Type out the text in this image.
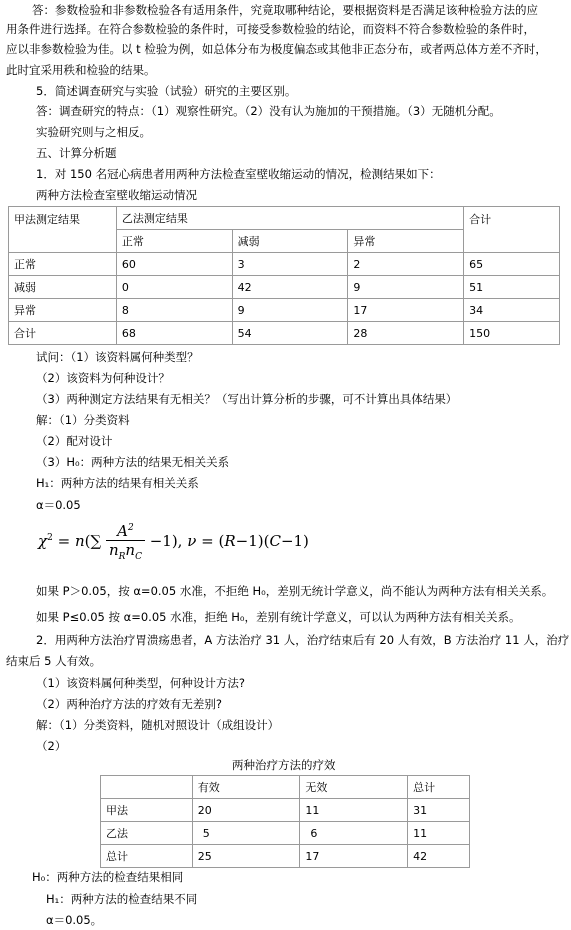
答：参数检验和非参数检验各有适用条件，究竟取哪种结论，要根据资料是否满足该种检验方法的应
用条件进行选择。在符合参数检验的条件时，可接受参数检验的结论，而资料不符合参数检验的条件时，
应以非参数检验为佳。以 t 检验为例，如总体分布为极度偏态或其他非正态分布，或者两总体方差不齐时，
此时宜采用秩和检验的结果。
5．简述调查研究与实验（试验）研究的主要区别。
答：调查研究的特点：（1）观察性研究。（2）没有认为施加的干预措施。（3）无随机分配。
实验研究则与之相反。
五、计算分析题
1．对 150 名冠心病患者用两种方法检查室壁收缩运动的情况，检测结果如下：
两种方法检查室壁收缩运动情况
甲法测定结果	乙法测定结果			合计
	正常	减弱	异常	
正常	60	3	2	65
减弱	0	42	9	51
异常	8	9	17	34
合计	68	54	28	150
试问：（1）该资料属何种类型？
（2）该资料为何种设计？
（3）两种测定方法结果有无相关？（写出计算分析的步骤，可不计算出具体结果）
解：（1）分类资料
（2）配对设计
（3）H₀：两种方法的结果无相关关系
H₁：两种方法的结果有相关关系
α＝0.05
$\chi^2 = n(\sum \frac{A^2}{n_Rn_C} -1)$, ν = (R−1)(C−1)
如果 P＞0.05，按 α=0.05 水准，不拒绝 H₀，差别无统计学意义，尚不能认为两种方法有相关关系。
如果 P≤0.05 按 α=0.05 水准，拒绝 H₀，差别有统计学意义，可以认为两种方法有相关关系。
2．用两种方法治疗胃溃疡患者，A 方法治疗 31 人，治疗结束后有 20 人有效，B 方法治疗 11 人，治疗
结束后 5 人有效。
（1）该资料属何种类型，何种设计方法?
（2）两种治疗方法的疗效有无差别?
解：（1）分类资料，随机对照设计（成组设计）
（2）
两种治疗方法的疗效
	有效	无效	总计
甲法	20	11	31
乙法	5	6	11
总计	25	17	42
H₀：两种方法的检查结果相同
H₁：两种方法的检查结果不同
α＝0.05。
